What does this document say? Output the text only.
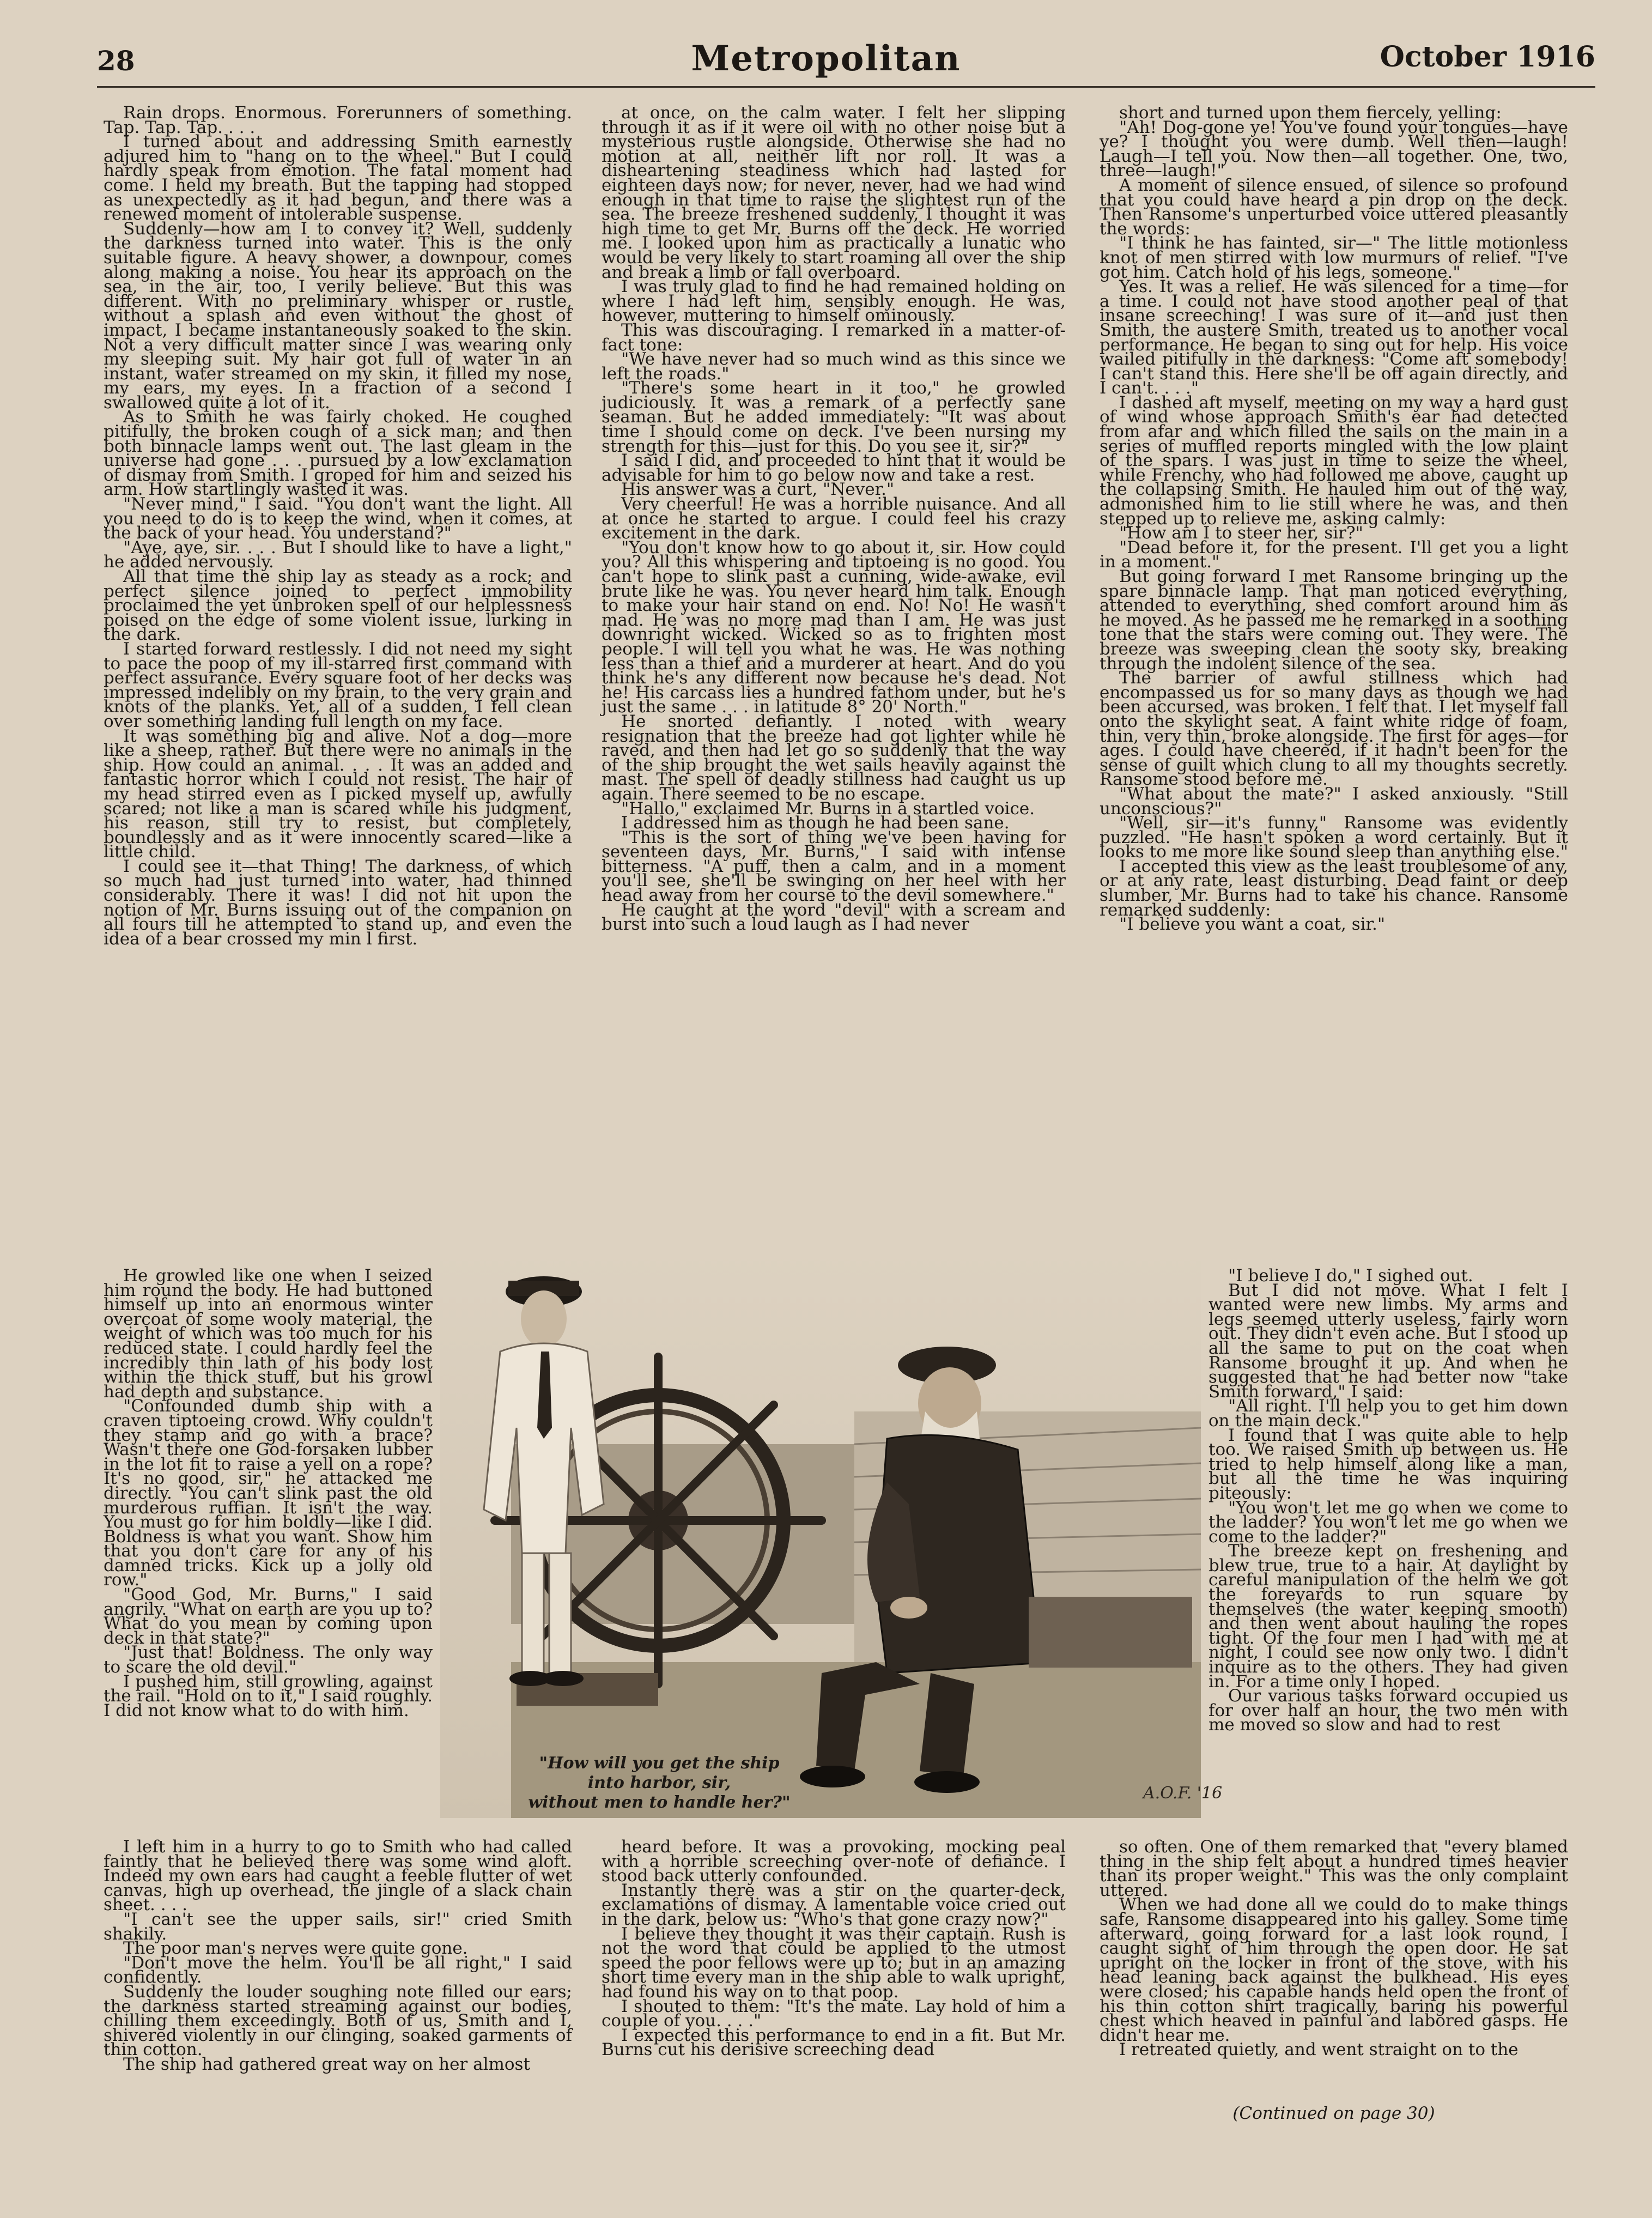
28	Metropolitan	October 1916

Rain drops. Enormous. Forerunners of something. Tap. Tap. Tap. . . .

I turned about and addressing Smith earnestly adjured him to "hang on to the wheel." But I could hardly speak from emotion. The fatal moment had come. I held my breath. But the tapping had stopped as unexpectedly as it had begun, and there was a renewed moment of intolerable suspense.

Suddenly—how am I to convey it? Well, suddenly the darkness turned into water. This is the only suitable figure. A heavy shower, a downpour, comes along making a noise. You hear its approach on the sea, in the air, too, I verily believe. But this was different. With no preliminary whisper or rustle, without a splash and even without the ghost of impact, I became instantaneously soaked to the skin. Not a very difficult matter since I was wearing only my sleeping suit. My hair got full of water in an instant, water streamed on my skin, it filled my nose, my ears, my eyes. In a fraction of a second I swallowed quite a lot of it.

As to Smith he was fairly choked. He coughed pitifully, the broken cough of a sick man; and then both binnacle lamps went out. The last gleam in the universe had gone . . . pursued by a low exclamation of dismay from Smith. I groped for him and seized his arm. How startlingly wasted it was.

"Never mind," I said. "You don't want the light. All you need to do is to keep the wind, when it comes, at the back of your head. You understand?"

"Aye, aye, sir. . . . But I should like to have a light," he added nervously.

All that time the ship lay as steady as a rock; and perfect silence joined to perfect immobility proclaimed the yet unbroken spell of our helplessness poised on the edge of some violent issue, lurking in the dark.

I started forward restlessly. I did not need my sight to pace the poop of my ill-starred first command with perfect assurance. Every square foot of her decks was impressed indelibly on my brain, to the very grain and knots of the planks. Yet, all of a sudden, I fell clean over something landing full length on my face.

It was something big and alive. Not a dog—more like a sheep, rather. But there were no animals in the ship. How could an animal. . . . It was an added and fantastic horror which I could not resist. The hair of my head stirred even as I picked myself up, awfully scared; not like a man is scared while his judgment, his reason, still try to resist, but completely, boundlessly and as it were innocently scared—like a little child.

I could see it—that Thing! The darkness, of which so much had just turned into water, had thinned considerably. There it was! I did not hit upon the notion of Mr. Burns issuing out of the companion on all fours till he attempted to stand up, and even the idea of a bear crossed my min l first.

He growled like one when I seized him round the body. He had buttoned himself up into an enormous winter overcoat of some wooly material, the weight of which was too much for his reduced state. I could hardly feel the incredibly thin lath of his body lost within the thick stuff, but his growl had depth and substance.

"Confounded dumb ship with a craven tiptoeing crowd. Why couldn't they stamp and go with a brace? Wasn't there one God-forsaken lubber in the lot fit to raise a yell on a rope? It's no good, sir," he attacked me directly. "You can't slink past the old murderous ruffian. It isn't the way. You must go for him boldly—like I did. Boldness is what you want. Show him that you don't care for any of his damned tricks. Kick up a jolly old row."

"Good God, Mr. Burns," I said angrily. "What on earth are you up to? What do you mean by coming upon deck in that state?"

"Just that! Boldness. The only way to scare the old devil."

I pushed him, still growling, against the rail. "Hold on to it," I said roughly. I did not know what to do with him.

I left him in a hurry to go to Smith who had called faintly that he believed there was some wind aloft. Indeed my own ears had caught a feeble flutter of wet canvas, high up overhead, the jingle of a slack chain sheet. . . .

"I can't see the upper sails, sir!" cried Smith shakily.

The poor man's nerves were quite gone.

"Don't move the helm. You'll be all right," I said confidently.

Suddenly the louder soughing note filled our ears; the darkness started streaming against our bodies, chilling them exceedingly. Both of us, Smith and I, shivered violently in our clinging, soaked garments of thin cotton.

The ship had gathered great way on her almost

at once, on the calm water. I felt her slipping through it as if it were oil with no other noise but a mysterious rustle alongside. Otherwise she had no motion at all, neither lift nor roll. It was a disheartening steadiness which had lasted for eighteen days now; for never, never, had we had wind enough in that time to raise the slightest run of the sea. The breeze freshened suddenly, I thought it was high time to get Mr. Burns off the deck. He worried me. I looked upon him as practically a lunatic who would be very likely to start roaming all over the ship and break a limb or fall overboard.

I was truly glad to find he had remained holding on where I had left him, sensibly enough. He was, however, muttering to himself ominously.

This was discouraging. I remarked in a matter-of-fact tone:

"We have never had so much wind as this since we left the roads."

"There's some heart in it too," he growled judiciously. It was a remark of a perfectly sane seaman. But he added immediately: "It was about time I should come on deck. I've been nursing my strength for this—just for this. Do you see it, sir?"

I said I did, and proceeded to hint that it would be advisable for him to go below now and take a rest.

His answer was a curt, "Never."

Very cheerful! He was a horrible nuisance. And all at once he started to argue. I could feel his crazy excitement in the dark.

"You don't know how to go about it, sir. How could you? All this whispering and tiptoeing is no good. You can't hope to slink past a cunning, wide-awake, evil brute like he was. You never heard him talk. Enough to make your hair stand on end. No! No! He wasn't mad. He was no more mad than I am. He was just downright wicked. Wicked so as to frighten most people. I will tell you what he was. He was nothing less than a thief and a murderer at heart. And do you think he's any different now because he's dead. Not he! His carcass lies a hundred fathom under, but he's just the same . . . in latitude 8° 20' North."

He snorted defiantly. I noted with weary resignation that the breeze had got lighter while he raved, and then had let go so suddenly that the way of the ship brought the wet sails heavily against the mast. The spell of deadly stillness had caught us up again. There seemed to be no escape.

"Hallo," exclaimed Mr. Burns in a startled voice.

I addressed him as though he had been sane.

"This is the sort of thing we've been having for seventeen days, Mr. Burns," I said with intense bitterness. "A puff, then a calm, and in a moment you'll see, she'll be swinging on her heel with her head away from her course to the devil somewhere."

He caught at the word "devil" with a scream and burst into such a loud laugh as I had never

heard before. It was a provoking, mocking peal with a horrible screeching over-note of defiance. I stood back utterly confounded.

Instantly there was a stir on the quarter-deck, exclamations of dismay. A lamentable voice cried out in the dark, below us: "Who's that gone crazy now?"

I believe they thought it was their captain. Rush is not the word that could be applied to the utmost speed the poor fellows were up to; but in an amazing short time every man in the ship able to walk upright, had found his way on to that poop.

I shouted to them: "It's the mate. Lay hold of him a couple of you. . . ."

I expected this performance to end in a fit. But Mr. Burns cut his derisive screeching dead

short and turned upon them fiercely, yelling:

"Ah! Dog-gone ye! You've found your tongues—have ye? I thought you were dumb. Well then—laugh! Laugh—I tell you. Now then—all together. One, two, three—laugh!"

A moment of silence ensued, of silence so profound that you could have heard a pin drop on the deck. Then Ransome's unperturbed voice uttered pleasantly the words:

"I think he has fainted, sir—" The little motionless knot of men stirred with low murmurs of relief. "I've got him. Catch hold of his legs, someone."

Yes. It was a relief. He was silenced for a time—for a time. I could not have stood another peal of that insane screeching! I was sure of it—and just then Smith, the austere Smith, treated us to another vocal performance. He began to sing out for help. His voice wailed pitifully in the darkness: "Come aft somebody! I can't stand this. Here she'll be off again directly, and I can't. . . ."

I dashed aft myself, meeting on my way a hard gust of wind whose approach Smith's ear had detected from afar and which filled the sails on the main in a series of muffled reports mingled with the low plaint of the spars. I was just in time to seize the wheel, while Frenchy, who had followed me above, caught up the collapsing Smith. He hauled him out of the way, admonished him to lie still where he was, and then stepped up to relieve me, asking calmly:

"How am I to steer her, sir?"

"Dead before it, for the present. I'll get you a light in a moment."

But going forward I met Ransome bringing up the spare binnacle lamp. That man noticed everything, attended to everything, shed comfort around him as he moved. As he passed me he remarked in a soothing tone that the stars were coming out. They were. The breeze was sweeping clean the sooty sky, breaking through the indolent silence of the sea.

The barrier of awful stillness which had encompassed us for so many days as though we had been accursed, was broken. I felt that. I let myself fall onto the skylight seat. A faint white ridge of foam, thin, very thin, broke alongside. The first for ages—for ages. I could have cheered, if it hadn't been for the sense of guilt which clung to all my thoughts secretly. Ransome stood before me.

"What about the mate?" I asked anxiously. "Still unconscious?"

"Well, sir—it's funny," Ransome was evidently puzzled. "He hasn't spoken a word certainly. But it looks to me more like sound sleep than anything else."

I accepted this view as the least troublesome of any, or at any rate, least disturbing. Dead faint or deep slumber, Mr. Burns had to take his chance. Ransome remarked suddenly:

"I believe you want a coat, sir."

"I believe I do," I sighed out.

But I did not move. What I felt I wanted were new limbs. My arms and legs seemed utterly useless, fairly worn out. They didn't even ache. But I stood up all the same to put on the coat when Ransome brought it up. And when he suggested that he had better now "take Smith forward," I said:

"All right. I'll help you to get him down on the main deck."

I found that I was quite able to help too. We raised Smith up between us. He tried to help himself along like a man, but all the time he was inquiring piteously:

"You won't let me go when we come to the ladder? You won't let me go when we come to the ladder?"

The breeze kept on freshening and blew true, true to a hair. At daylight by careful manipulation of the helm we got the foreyards to run square by themselves (the water keeping smooth) and then went about hauling the ropes tight. Of the four men I had with me at night, I could see now only two. I didn't inquire as to the others. They had given in. For a time only I hoped.

Our various tasks forward occupied us for over half an hour, the two men with me moved so slow and had to rest

so often. One of them remarked that "every blamed thing in the ship felt about a hundred times heavier than its proper weight." This was the only complaint uttered.

When we had done all we could do to make things safe, Ransome disappeared into his galley. Some time afterward, going forward for a last look round, I caught sight of him through the open door. He sat upright on the locker in front of the stove, with his head leaning back against the bulkhead. His eyes were closed; his capable hands held open the front of his thin cotton shirt tragically, baring his powerful chest which heaved in painful and labored gasps. He didn't hear me.

I retreated quietly, and went straight on to the

(Continued on page 30)
A.O.F. '16
"How will you get the ship
into harbor, sir,
without men to handle her?"
